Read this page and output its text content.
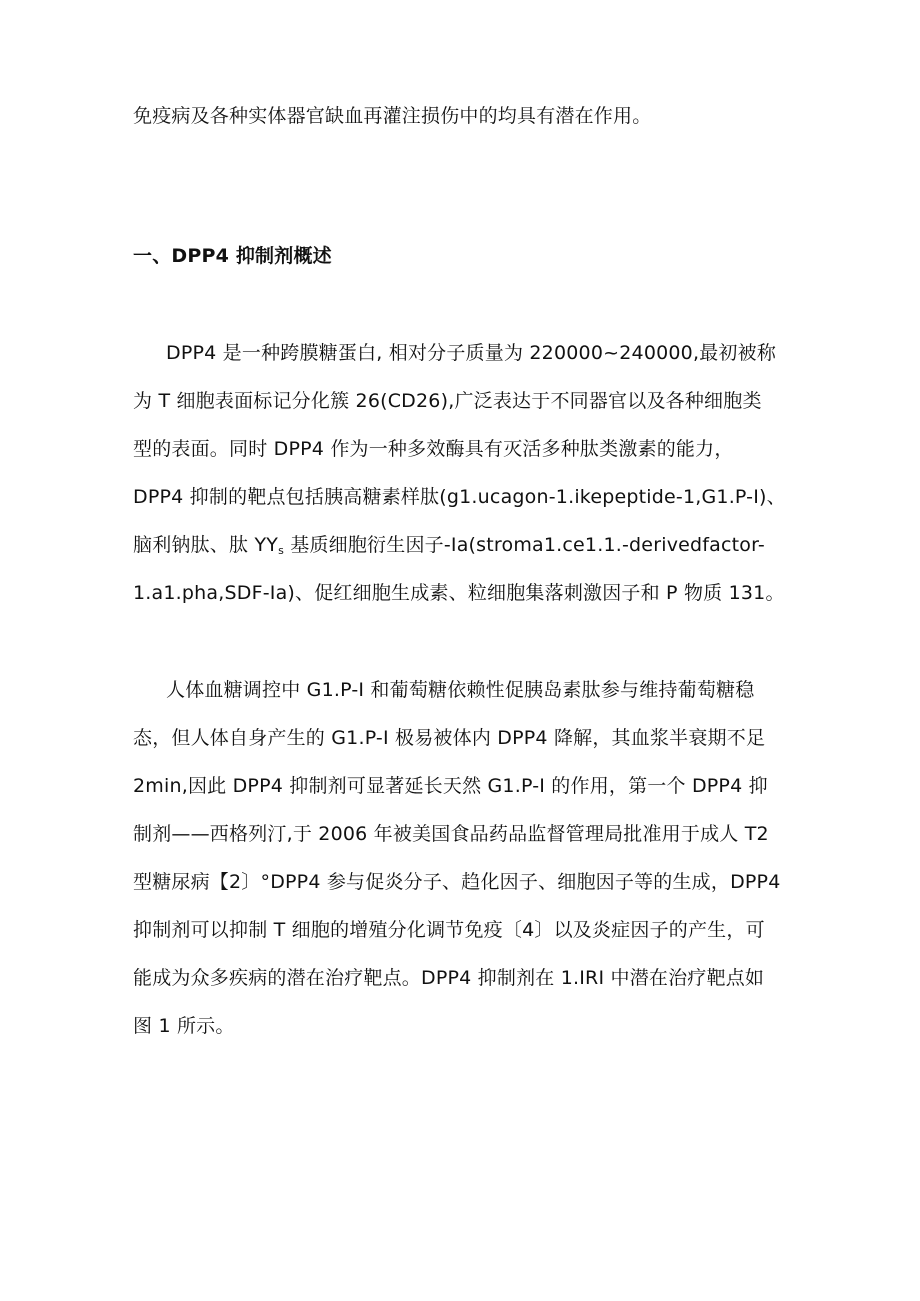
免疫病及各种实体器官缺血再灌注损伤中的均具有潜在作用。
一、DPP4 抑制剂概述
DPP4 是一种跨膜糖蛋白, 相对分子质量为 220000~240000,最初被称
为 T 细胞表面标记分化簇 26(CD26),广泛表达于不同器官以及各种细胞类
型的表面。同时 DPP4 作为一种多效酶具有灭活多种肽类激素的能力，
DPP4 抑制的靶点包括胰高糖素样肽(g1.ucagon-1.ikepeptide-1,G1.P-I)、
脑利钠肽、肽 $YY_s$ 基质细胞衍生因子-Ia(stroma1.ce1.1.-derivedfactor-
1.a1.pha,SDF-Ia)、促红细胞生成素、粒细胞集落刺激因子和 P 物质 131。
人体血糖调控中 G1.P-I 和葡萄糖依赖性促胰岛素肽参与维持葡萄糖稳
态，但人体自身产生的 G1.P-I 极易被体内 DPP4 降解，其血浆半衰期不足
2min,因此 DPP4 抑制剂可显著延长天然 G1.P-I 的作用，第一个 DPP4 抑
制剂——西格列汀,于 2006 年被美国食品药品监督管理局批准用于成人 T2
型糖尿病【2〕°DPP4 参与促炎分子、趋化因子、细胞因子等的生成，DPP4
抑制剂可以抑制 T 细胞的增殖分化调节免疫〔4〕以及炎症因子的产生，可
能成为众多疾病的潜在治疗靶点。DPP4 抑制剂在 1.IRI 中潜在治疗靶点如
图 1 所示。
